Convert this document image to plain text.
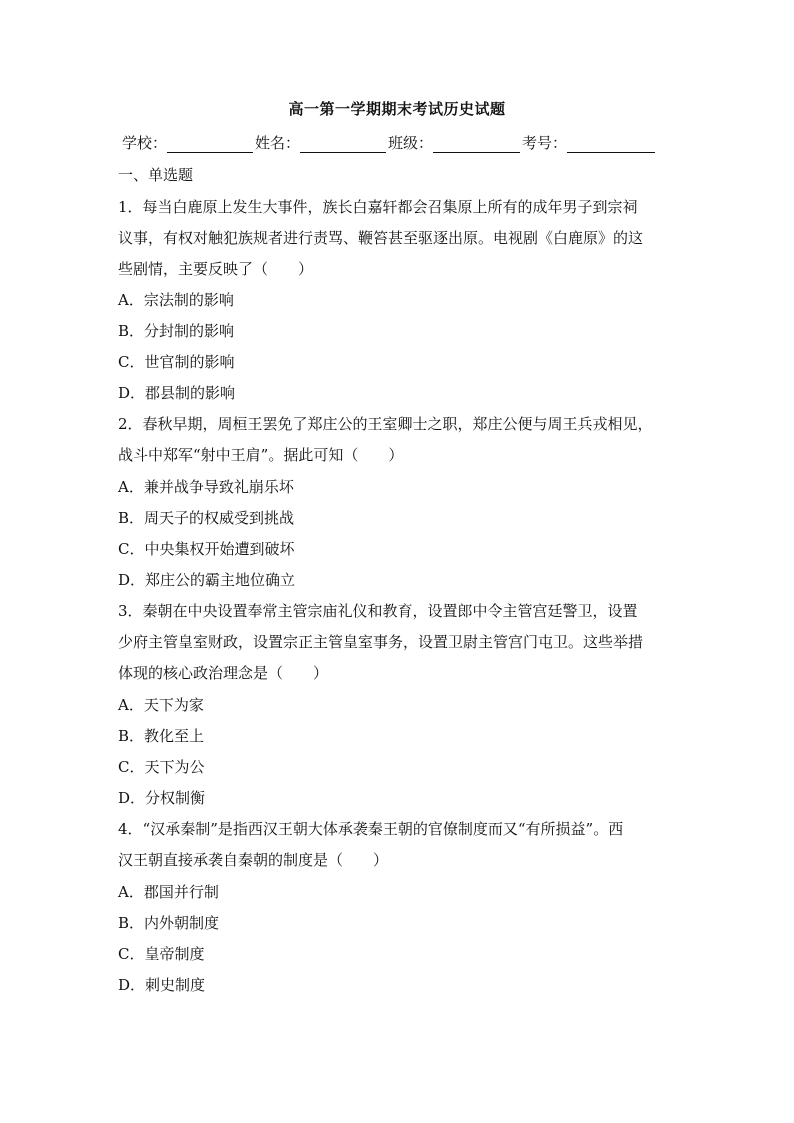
高一第一学期期末考试历史试题
学校：	姓名：	班级：	考号：
一、单选题
1．每当白鹿原上发生大事件，族长白嘉轩都会召集原上所有的成年男子到宗祠
议事，有权对触犯族规者进行责骂、鞭笞甚至驱逐出原。电视剧《白鹿原》的这
些剧情，主要反映了（　　）
A．宗法制的影响
B．分封制的影响
C．世官制的影响
D．郡县制的影响
2．春秋早期，周桓王罢免了郑庄公的王室卿士之职，郑庄公便与周王兵戎相见，
战斗中郑军“射中王肩”。据此可知（　　）
A．兼并战争导致礼崩乐坏
B．周天子的权威受到挑战
C．中央集权开始遭到破坏
D．郑庄公的霸主地位确立
3．秦朝在中央设置奉常主管宗庙礼仪和教育，设置郎中令主管宫廷警卫，设置
少府主管皇室财政，设置宗正主管皇室事务，设置卫尉主管宫门屯卫。这些举措
体现的核心政治理念是（　　）
A．天下为家
B．教化至上
C．天下为公
D．分权制衡
4．“汉承秦制”是指西汉王朝大体承袭秦王朝的官僚制度而又“有所损益”。西
汉王朝直接承袭自秦朝的制度是（　　）
A．郡国并行制
B．内外朝制度
C．皇帝制度
D．刺史制度
